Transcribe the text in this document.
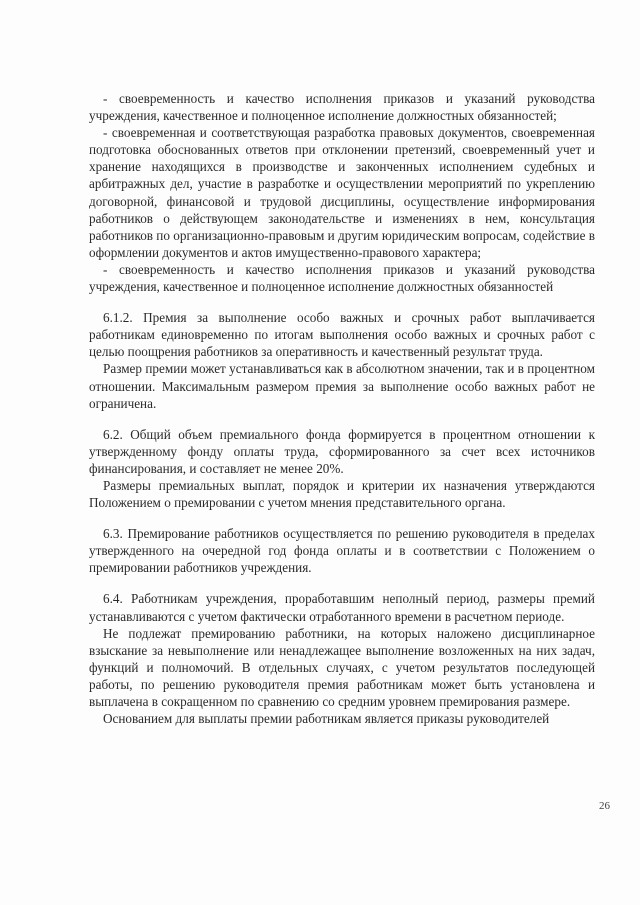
- своевременность и качество исполнения приказов и указаний руководства учреждения, качественное и полноценное исполнение должностных обязанностей;

- своевременная и соответствующая разработка правовых документов, своевременная подготовка обоснованных ответов при отклонении претензий, своевременный учет и хранение находящихся в производстве и законченных исполнением судебных и арбитражных дел, участие в разработке и осуществлении мероприятий по укреплению договорной, финансовой и трудовой дисциплины, осуществление информирования работников о действующем законодательстве и изменениях в нем, консультация работников по организационно-правовым и другим юридическим вопросам, содействие в оформлении документов и актов имущественно-правового характера;

- своевременность и качество исполнения приказов и указаний руководства учреждения, качественное и полноценное исполнение должностных обязанностей

6.1.2. Премия за выполнение особо важных и срочных работ выплачивается работникам единовременно по итогам выполнения особо важных и срочных работ с целью поощрения работников за оперативность и качественный результат труда.

Размер премии может устанавливаться как в абсолютном значении, так и в процентном отношении. Максимальным размером премия за выполнение особо важных работ не ограничена.

6.2. Общий объем премиального фонда формируется в процентном отношении к утвержденному фонду оплаты труда, сформированного за счет всех источников финансирования, и составляет не менее 20%.

Размеры премиальных выплат, порядок и критерии их назначения утверждаются Положением о премировании с учетом мнения представительного органа.

6.3. Премирование работников осуществляется по решению руководителя в пределах утвержденного на очередной год фонда оплаты и в соответствии с Положением о премировании работников учреждения.

6.4. Работникам учреждения, проработавшим неполный период, размеры премий устанавливаются с учетом фактически отработанного времени в расчетном периоде.

Не подлежат премированию работники, на которых наложено дисциплинарное взыскание за невыполнение или ненадлежащее выполнение возложенных на них задач, функций и полномочий. В отдельных случаях, с учетом результатов последующей работы, по решению руководителя премия работникам может быть установлена и выплачена в сокращенном по сравнению со средним уровнем премирования размере.

Основанием для выплаты премии работникам является приказы руководителей

26
